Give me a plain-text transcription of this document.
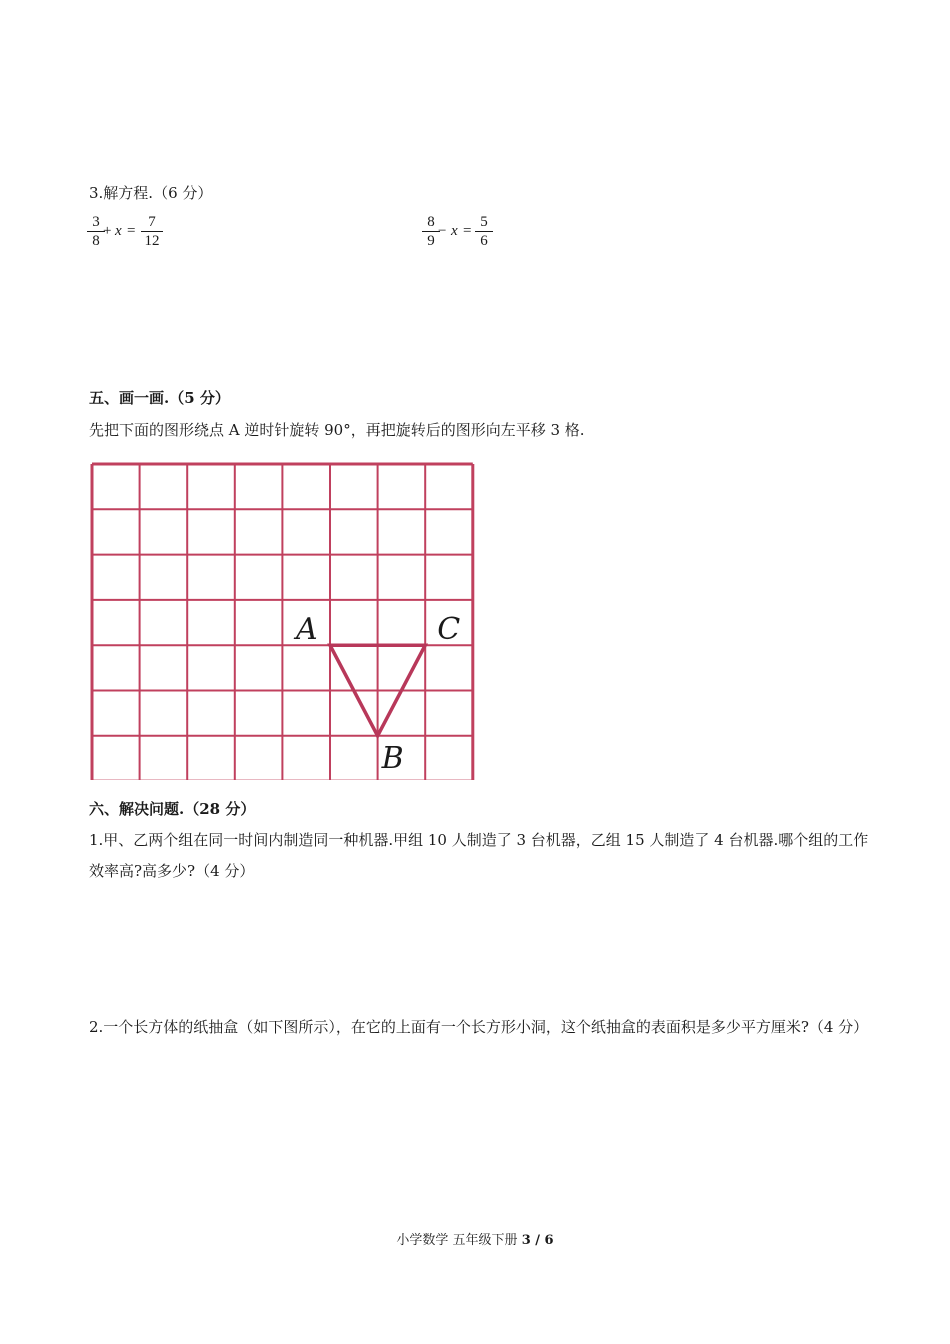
3.解方程.（6 分）
3
8
+ x =
7
12
8
9
− x =
5
6
五、画一画.（5 分）
先把下面的图形绕点 A 逆时针旋转 90°，再把旋转后的图形向左平移 3 格.
A	C
B
六、解决问题.（28 分）
1.甲、乙两个组在同一时间内制造同一种机器.甲组 10 人制造了 3 台机器，乙组 15 人制造了 4 台机器.哪个组的工作效率高?高多少?（4 分）
2.一个长方体的纸抽盒（如下图所示），在它的上面有一个长方形小洞，这个纸抽盒的表面积是多少平方厘米?（4 分）
小学数学 五年级下册 3 / 6
